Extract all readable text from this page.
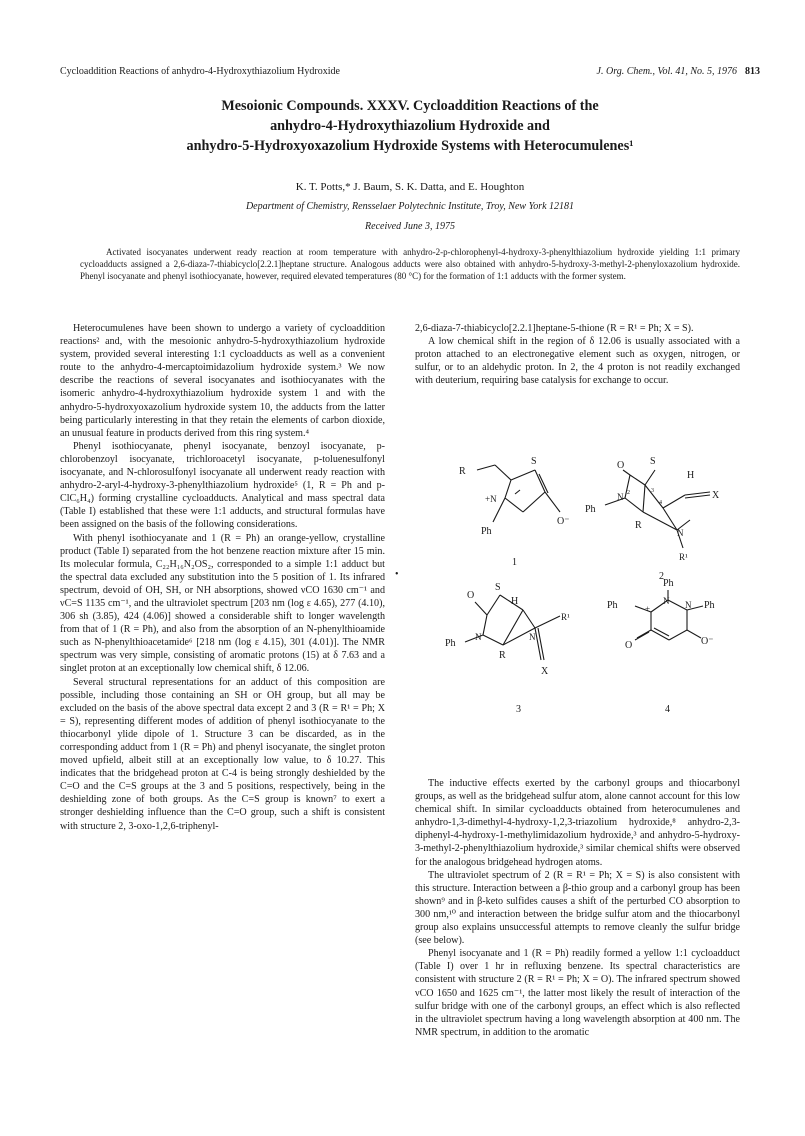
Cycloaddition Reactions of anhydro-4-Hydroxythiazolium Hydroxide	J. Org. Chem., Vol. 41, No. 5, 1976 813
Mesoionic Compounds. XXXV. Cycloaddition Reactions of the
anhydro-4-Hydroxythiazolium Hydroxide and
anhydro-5-Hydroxyoxazolium Hydroxide Systems with Heterocumulenes¹
K. T. Potts,* J. Baum, S. K. Datta, and E. Houghton
Department of Chemistry, Rensselaer Polytechnic Institute, Troy, New York 12181
Received June 3, 1975
Activated isocyanates underwent ready reaction at room temperature with anhydro-2-p-chlorophenyl-4-hydroxy-3-phenylthiazolium hydroxide yielding 1:1 primary cycloadducts assigned a 2,6-diaza-7-thiabicyclo[2.2.1]heptane structure. Analogous adducts were also obtained with anhydro-5-hydroxy-3-methyl-2-phenyloxazolium hydroxide. Phenyl isocyanate and phenyl isothiocyanate, however, required elevated temperatures (80 °C) for the formation of 1:1 adducts with the former system.

Heterocumulenes have been shown to undergo a variety of cycloaddition reactions² and, with the mesoionic anhydro-5-hydroxythiazolium hydroxide system, provided several interesting 1:1 cycloadducts as well as a convenient route to the anhydro-4-mercaptoimidazolium hydroxide system.³ We now describe the reactions of several isocyanates and isothiocyanates with the isomeric anhydro-4-hydroxythiazolium hydroxide system 1 and with the anhydro-5-hydroxyoxazolium hydroxide system 10, the adducts from the latter being particularly interesting in that they retain the elements of carbon dioxide, an unusual feature in products derived from this ring system.⁴

Phenyl isothiocyanate, phenyl isocyanate, benzoyl isocyanate, p-chlorobenzoyl isocyanate, trichloroacetyl isocyanate, p-toluenesulfonyl isocyanate, and N-chlorosulfonyl isocyanate all underwent ready reaction with anhydro-2-aryl-4-hydroxy-3-phenylthiazolium hydroxide⁵ (1, R = Ph and p-ClC₆H₄) forming crystalline cycloadducts. Analytical and mass spectral data (Table I) established that these were 1:1 adducts, and structural formulas have been assigned on the basis of the following considerations.

With phenyl isothiocyanate and 1 (R = Ph) an orange-yellow, crystalline product (Table I) separated from the hot benzene reaction mixture after 15 min. Its molecular formula, C₂₂H₁₆N₂OS₂, corresponded to a simple 1:1 adduct but the spectral data excluded any substitution into the 5 position of 1. Its infrared spectrum, devoid of OH, SH, or NH absorptions, showed νCO 1630 cm⁻¹ and νC=S 1135 cm⁻¹, and the ultraviolet spectrum [203 nm (log ε 4.65), 277 (4.10), 306 sh (3.85), 424 (4.06)] showed a considerable shift to longer wavelength from that of 1 (R = Ph), and also from the absorption of an N-phenylthioamide such as N-phenylthioacetamide⁶ [218 nm (log ε 4.15), 301 (4.01)]. The NMR spectrum was very simple, consisting of aromatic protons (15) at δ 7.63 and a singlet proton at an exceptionally low chemical shift, δ 12.06.

Several structural representations for an adduct of this composition are possible, including those containing an SH or OH group, but all may be excluded on the basis of the above spectral data except 2 and 3 (R = R¹ = Ph; X = S), representing different modes of addition of phenyl isothiocyanate to the thiocarbonyl ylide dipole of 1. Structure 3 can be discarded, as in the corresponding adduct from 1 (R = Ph) and phenyl isocyanate, the singlet proton moved upfield, albeit still at an exceptionally low value, to δ 10.27. This indicates that the bridgehead proton at C-4 is being strongly deshielded by the C=O and the C=S groups at the 3 and 5 positions, respectively, being in the deshielding zone of both groups. As the C=S group is known⁷ to exert a stronger deshielding influence than the C=O group, such a shift is consistent with structure 2, 3-oxo-1,2,6-triphenyl-

•

2,6-diaza-7-thiabicyclo[2.2.1]heptane-5-thione (R = R¹ = Ph; X = S).

A low chemical shift in the region of δ 12.06 is usually associated with a proton attached to an electronegative element such as oxygen, nitrogen, or sulfur, or to an aldehydic proton. In 2, the 4 proton is not readily exchanged with deuterium, requiring base catalysis for exchange to occur.

R
+N
S
O⁻
Ph
1
O	S
H
X
N
N
Ph
R
R¹
2	3
4
2
O
S
H
N	N
R¹
Ph
R
X
3
Ph
Ph	Ph
+
N N
O	O⁻
4

The inductive effects exerted by the carbonyl groups and thiocarbonyl groups, as well as the bridgehead sulfur atom, alone cannot account for this low chemical shift. In similar cycloadducts obtained from heterocumulenes and anhydro-1,3-dimethyl-4-hydroxy-1,2,3-triazolium hydroxide,⁸ anhydro-2,3-diphenyl-4-hydroxy-1-methylimidazolium hydroxide,³ and anhydro-5-hydroxy-3-methyl-2-phenylthiazolium hydroxide,³ similar chemical shifts were observed for the analogous bridgehead hydrogen atoms.

The ultraviolet spectrum of 2 (R = R¹ = Ph; X = S) is also consistent with this structure. Interaction between a β-thio group and a carbonyl group has been shown⁹ and in β-keto sulfides causes a shift of the perturbed CO absorption to 300 nm,¹⁰ and interaction between the bridge sulfur atom and the thiocarbonyl group also explains unsuccessful attempts to remove cleanly the sulfur bridge (see below).

Phenyl isocyanate and 1 (R = Ph) readily formed a yellow 1:1 cycloadduct (Table I) over 1 hr in refluxing benzene. Its spectral characteristics are consistent with structure 2 (R = R¹ = Ph; X = O). The infrared spectrum showed νCO 1650 and 1625 cm⁻¹, the latter most likely the result of interaction of the sulfur bridge with one of the carbonyl groups, an effect which is also reflected in the ultraviolet spectrum having a long wavelength absorption at 400 nm. The NMR spectrum, in addition to the aromatic
